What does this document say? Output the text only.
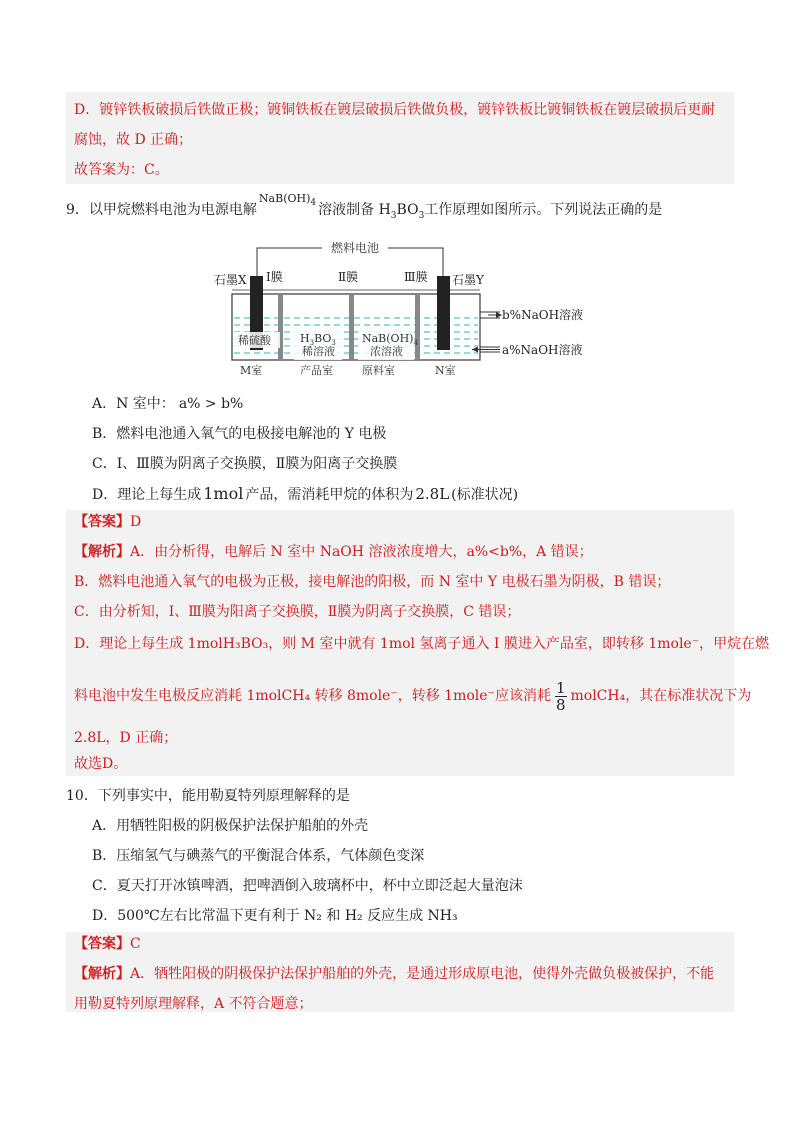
D．镀锌铁板破损后铁做正极；镀铜铁板在镀层破损后铁做负极，镀锌铁板比镀铜铁板在镀层破损后更耐
腐蚀，故 D 正确；
故答案为：C。
9．以甲烷燃料电池为电源电解$^{NaB(OH)_4}$ 溶液制备 $H_3BO_3$工作原理如图所示。下列说法正确的是
燃料电池
石墨X Ⅰ膜	Ⅱ膜	Ⅲ膜 石墨Y
b%NaOH溶液
a%NaOH溶液
稀硫酸	$H_3BO_3$
稀溶液
$NaB(OH)_4$
浓溶液
M室	产品室	原料室	N室
A．N 室中： a% > b%
B．燃料电池通入氧气的电极接电解池的 Y 电极
C．Ⅰ、Ⅲ膜为阴离子交换膜，Ⅱ膜为阳离子交换膜
D．理论上每生成 1mol 产品，需消耗甲烷的体积为 2.8L (标准状况)
【答案】D
【解析】A．由分析得，电解后 N 室中 NaOH 溶液浓度增大，a%<b%，A 错误；
B．燃料电池通入氧气的电极为正极，接电解池的阳极，而 N 室中 Y 电极石墨为阴极，B 错误；
C．由分析知，Ⅰ、Ⅲ膜为阳离子交换膜，Ⅱ膜为阴离子交换膜，C 错误；
D．理论上每生成 1molH₃BO₃，则 M 室中就有 1mol 氢离子通入 Ⅰ 膜进入产品室，即转移 1mole⁻，甲烷在燃
料电池中发生电极反应消耗 1molCH₄ 转移 8mole⁻，转移 1mole⁻应该消耗 $\frac{1}{8}$ molCH₄，其在标准状况下为
2.8L，D 正确；
故选D。
10．下列事实中，能用勒夏特列原理解释的是
A．用牺牲阳极的阴极保护法保护船舶的外壳
B．压缩氢气与碘蒸气的平衡混合体系，气体颜色变深
C．夏天打开冰镇啤酒，把啤酒倒入玻璃杯中，杯中立即泛起大量泡沫
D．500℃左右比常温下更有利于 N₂ 和 H₂ 反应生成 NH₃
【答案】C
【解析】A．牺牲阳极的阴极保护法保护船舶的外壳，是通过形成原电池，使得外壳做负极被保护，不能
用勒夏特列原理解释，A 不符合题意；
